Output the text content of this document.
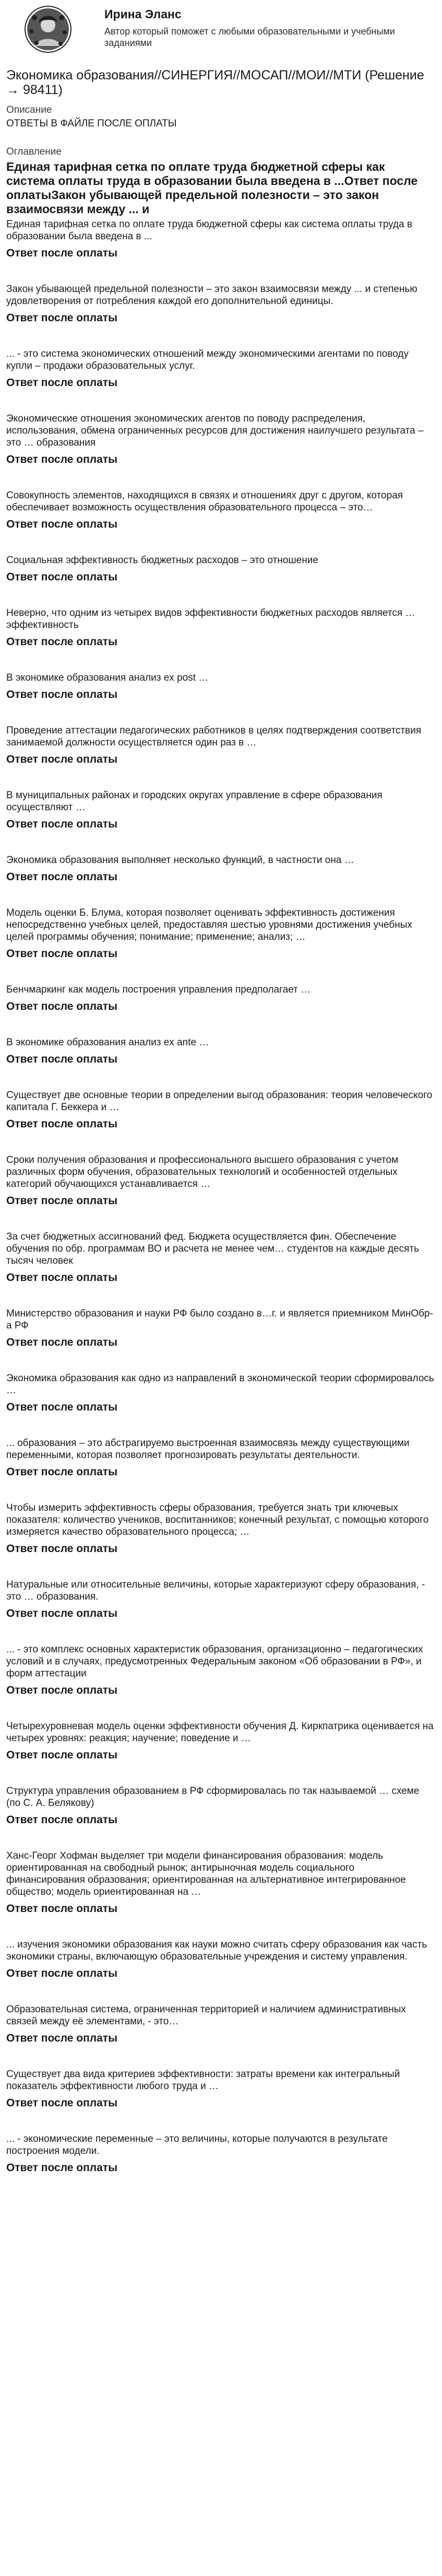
Ирина Эланс
Автор который поможет с любыми образовательными и учебными заданиями
Экономика образования//СИНЕРГИЯ//МОСАП//МОИ//МТИ (Решение → 98411)
Описание
ОТВЕТЫ В ФАЙЛЕ ПОСЛЕ ОПЛАТЫ
Оглавление
Единая тарифная сетка по оплате труда бюджетной сферы как система оплаты труда в образовании была введена в ...Ответ после оплатыЗакон убывающей предельной полезности – это закон взаимосвязи между ... и

Единая тарифная сетка по оплате труда бюджетной сферы как система оплаты труда в образовании была введена в ...

Ответ после оплаты

Закон убывающей предельной полезности – это закон взаимосвязи между ... и степенью удовлетворения от потребления каждой его дополнительной единицы.

Ответ после оплаты

... - это система экономических отношений между экономическими агентами по поводу купли – продажи образовательных услуг.

Ответ после оплаты

Экономические отношения экономических агентов по поводу распределения, использования, обмена ограниченных ресурсов для достижения наилучшего результата – это … образования

Ответ после оплаты

Совокупность элементов, находящихся в связях и отношениях друг с другом, которая обеспечивает возможность осуществления образовательного процесса – это…

Ответ после оплаты

Социальная эффективность бюджетных расходов – это отношение

Ответ после оплаты

Неверно, что одним из четырех видов эффективности бюджетных расходов является … эффективность

Ответ после оплаты

В экономике образования анализ ex post …

Ответ после оплаты

Проведение аттестации педагогических работников в целях подтверждения соответствия занимаемой должности осуществляется один раз в …

Ответ после оплаты

В муниципальных районах и городских округах управление в сфере образования осуществляют …

Ответ после оплаты

Экономика образования выполняет несколько функций, в частности она …

Ответ после оплаты

Модель оценки Б. Блума, которая позволяет оценивать эффективность достижения непосредственно учебных целей, предоставляя шестью уровнями достижения учебных целей программы обучения; понимание; применение; анализ; …

Ответ после оплаты

Бенчмаркинг как модель построения управления предполагает …

Ответ после оплаты

В экономике образования анализ ex ante …

Ответ после оплаты

Существует две основные теории в определении выгод образования: теория человеческого капитала Г. Беккера и …

Ответ после оплаты

Сроки получения образования и профессионального высшего образования с учетом различных форм обучения, образовательных технологий и особенностей отдельных категорий обучающихся устанавливается …

Ответ после оплаты

За счет бюджетных ассигнований фед. Бюджета осуществляется фин. Обеспечение обучения по обр. программам ВО и расчета не менее чем… студентов на каждые десять тысяч человек

Ответ после оплаты

Министерство образования и науки РФ было создано в…г. и является приемником МинОбр-а РФ

Ответ после оплаты

Экономика образования как одно из направлений в экономической теории сформировалось …

Ответ после оплаты

... образования – это абстрагируемо выстроенная взаимосвязь между существующими переменными, которая позволяет прогнозировать результаты деятельности.

Ответ после оплаты

Чтобы измерить эффективность сферы образования, требуется знать три ключевых показателя: количество учеников, воспитанников; конечный результат, с помощью которого измеряется качество образовательного процесса; …

Ответ после оплаты

Натуральные или относительные величины, которые характеризуют сферу образования, - это … образования.

Ответ после оплаты

... - это комплекс основных характеристик образования, организационно – педагогических условий и в случаях, предусмотренных Федеральным законом «Об образовании в РФ», и форм аттестации

Ответ после оплаты

Четырехуровневая модель оценки эффективности обучения Д. Киркпатрика оценивается на четырех уровнях: реакция; научение; поведение и …

Ответ после оплаты

Структура управления образованием в РФ сформировалась по так называемой … схеме (по С. А. Белякову)

Ответ после оплаты

Ханс-Георг Хофман выделяет три модели финансирования образования: модель ориентированная на свободный рынок; антирыночная модель социального финансирования образования; ориентированная на альтернативное интегрированное общество; модель ориентированная на …

Ответ после оплаты

... изучения экономики образования как науки можно считать сферу образования как часть экономики страны, включающую образовательные учреждения и систему управления.

Ответ после оплаты

Образовательная система, ограниченная территорией и наличием административных связей между её элементами, - это…

Ответ после оплаты

Существует два вида критериев эффективности: затраты времени как интегральный показатель эффективности любого труда и …

Ответ после оплаты

... - экономические переменные – это величины, которые получаются в результате построения модели.

Ответ после оплаты
